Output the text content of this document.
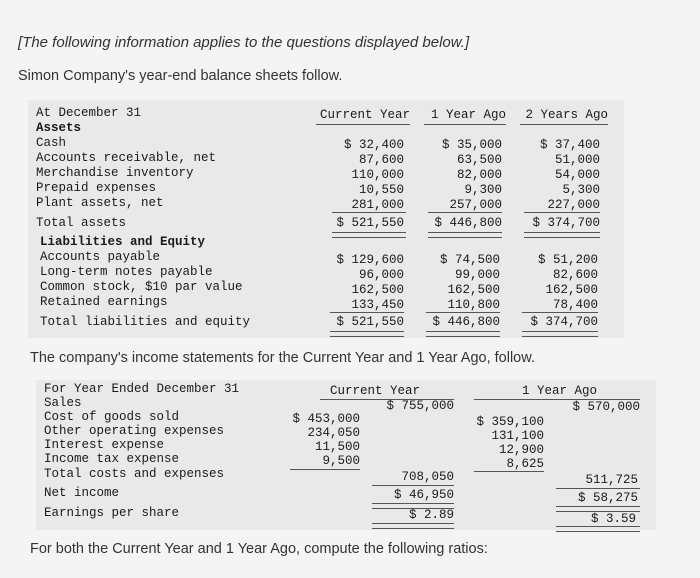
[The following information applies to the questions displayed below.]
Simon Company's year-end balance sheets follow.
At December 31	Current Year	1 Year Ago	2 Years Ago
Assets
Cash	$ 32,400	$ 35,000	$ 37,400
Accounts receivable, net	87,600	63,500	51,000
Merchandise inventory	110,000	82,000	54,000
Prepaid expenses	10,550	9,300	5,300
Plant assets, net	281,000	257,000	227,000
Total assets	$ 521,550	$ 446,800	$ 374,700
Liabilities and Equity
Accounts payable	$ 129,600	$ 74,500	$ 51,200
Long-term notes payable	96,000	99,000	82,600
Common stock, $10 par value	162,500	162,500	162,500
Retained earnings	133,450	110,800	78,400
Total liabilities and equity	$ 521,550	$ 446,800	$ 374,700
The company's income statements for the Current Year and 1 Year Ago, follow.
For Year Ended December 31	Current Year	1 Year Ago
Sales	$ 755,000	$ 570,000
Cost of goods sold	$ 453,000	$ 359,100
Other operating expenses	234,050	131,100
Interest expense	11,500	12,900
Income tax expense	9,500	8,625
Total costs and expenses	708,050	511,725
Net income	$ 46,950	$ 58,275
Earnings per share	$ 2.89	$ 3.59
For both the Current Year and 1 Year Ago, compute the following ratios:
